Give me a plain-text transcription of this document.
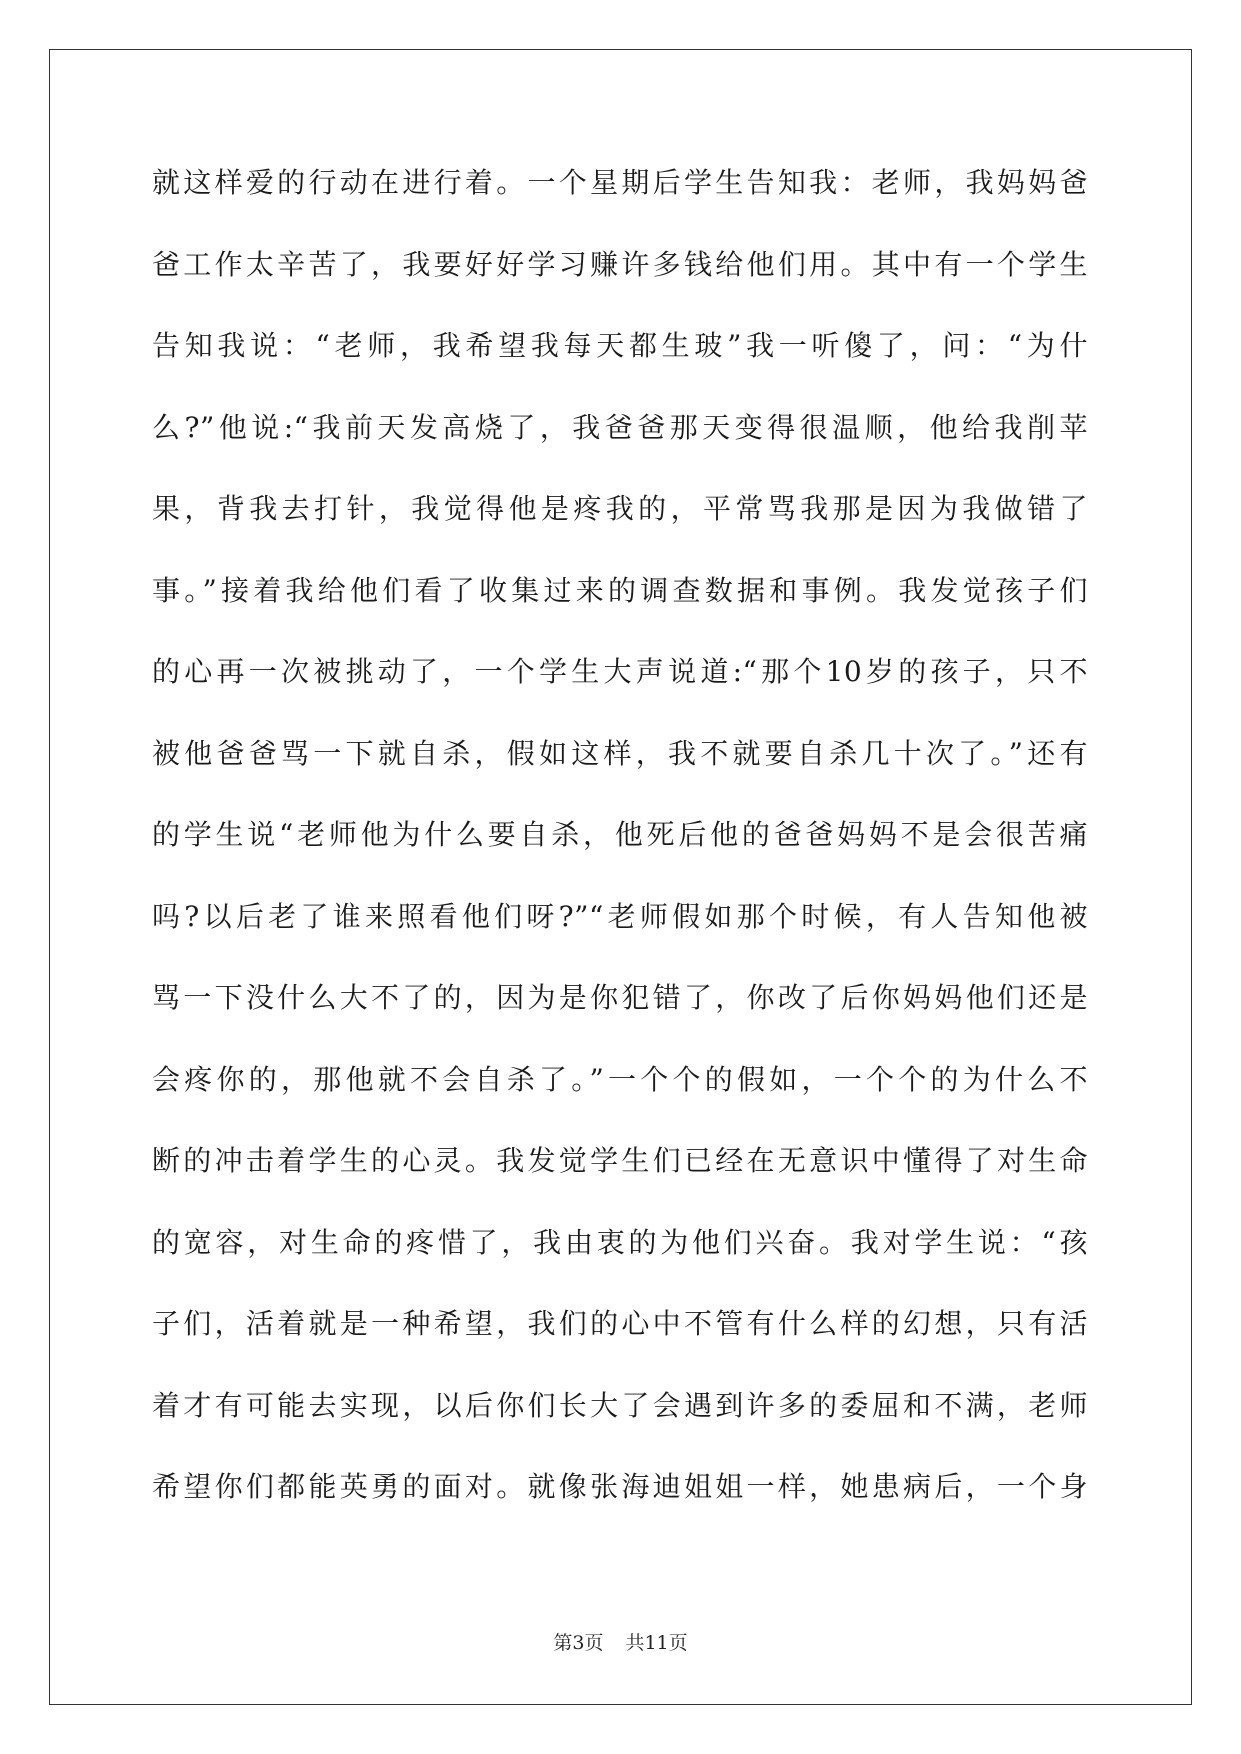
就这样爱的行动在进行着。一个星期后学生告知我：老师，我妈妈爸
爸工作太辛苦了，我要好好学习赚许多钱给他们用。其中有一个学生
告知我说：“老师，我希望我每天都生玻”我一听傻了，问：“为什
么?”他说:“我前天发高烧了，我爸爸那天变得很温顺，他给我削苹
果，背我去打针，我觉得他是疼我的，平常骂我那是因为我做错了
事。”接着我给他们看了收集过来的调查数据和事例。我发觉孩子们
的心再一次被挑动了，一个学生大声说道:“那个10岁的孩子，只不
被他爸爸骂一下就自杀，假如这样，我不就要自杀几十次了。”还有
的学生说“老师他为什么要自杀，他死后他的爸爸妈妈不是会很苦痛
吗?以后老了谁来照看他们呀?”“老师假如那个时候，有人告知他被
骂一下没什么大不了的，因为是你犯错了，你改了后你妈妈他们还是
会疼你的，那他就不会自杀了。”一个个的假如，一个个的为什么不
断的冲击着学生的心灵。我发觉学生们已经在无意识中懂得了对生命
的宽容，对生命的疼惜了，我由衷的为他们兴奋。我对学生说：“孩
子们，活着就是一种希望，我们的心中不管有什么样的幻想，只有活
着才有可能去实现，以后你们长大了会遇到许多的委屈和不满，老师
希望你们都能英勇的面对。就像张海迪姐姐一样，她患病后，一个身
第3页 共11页
